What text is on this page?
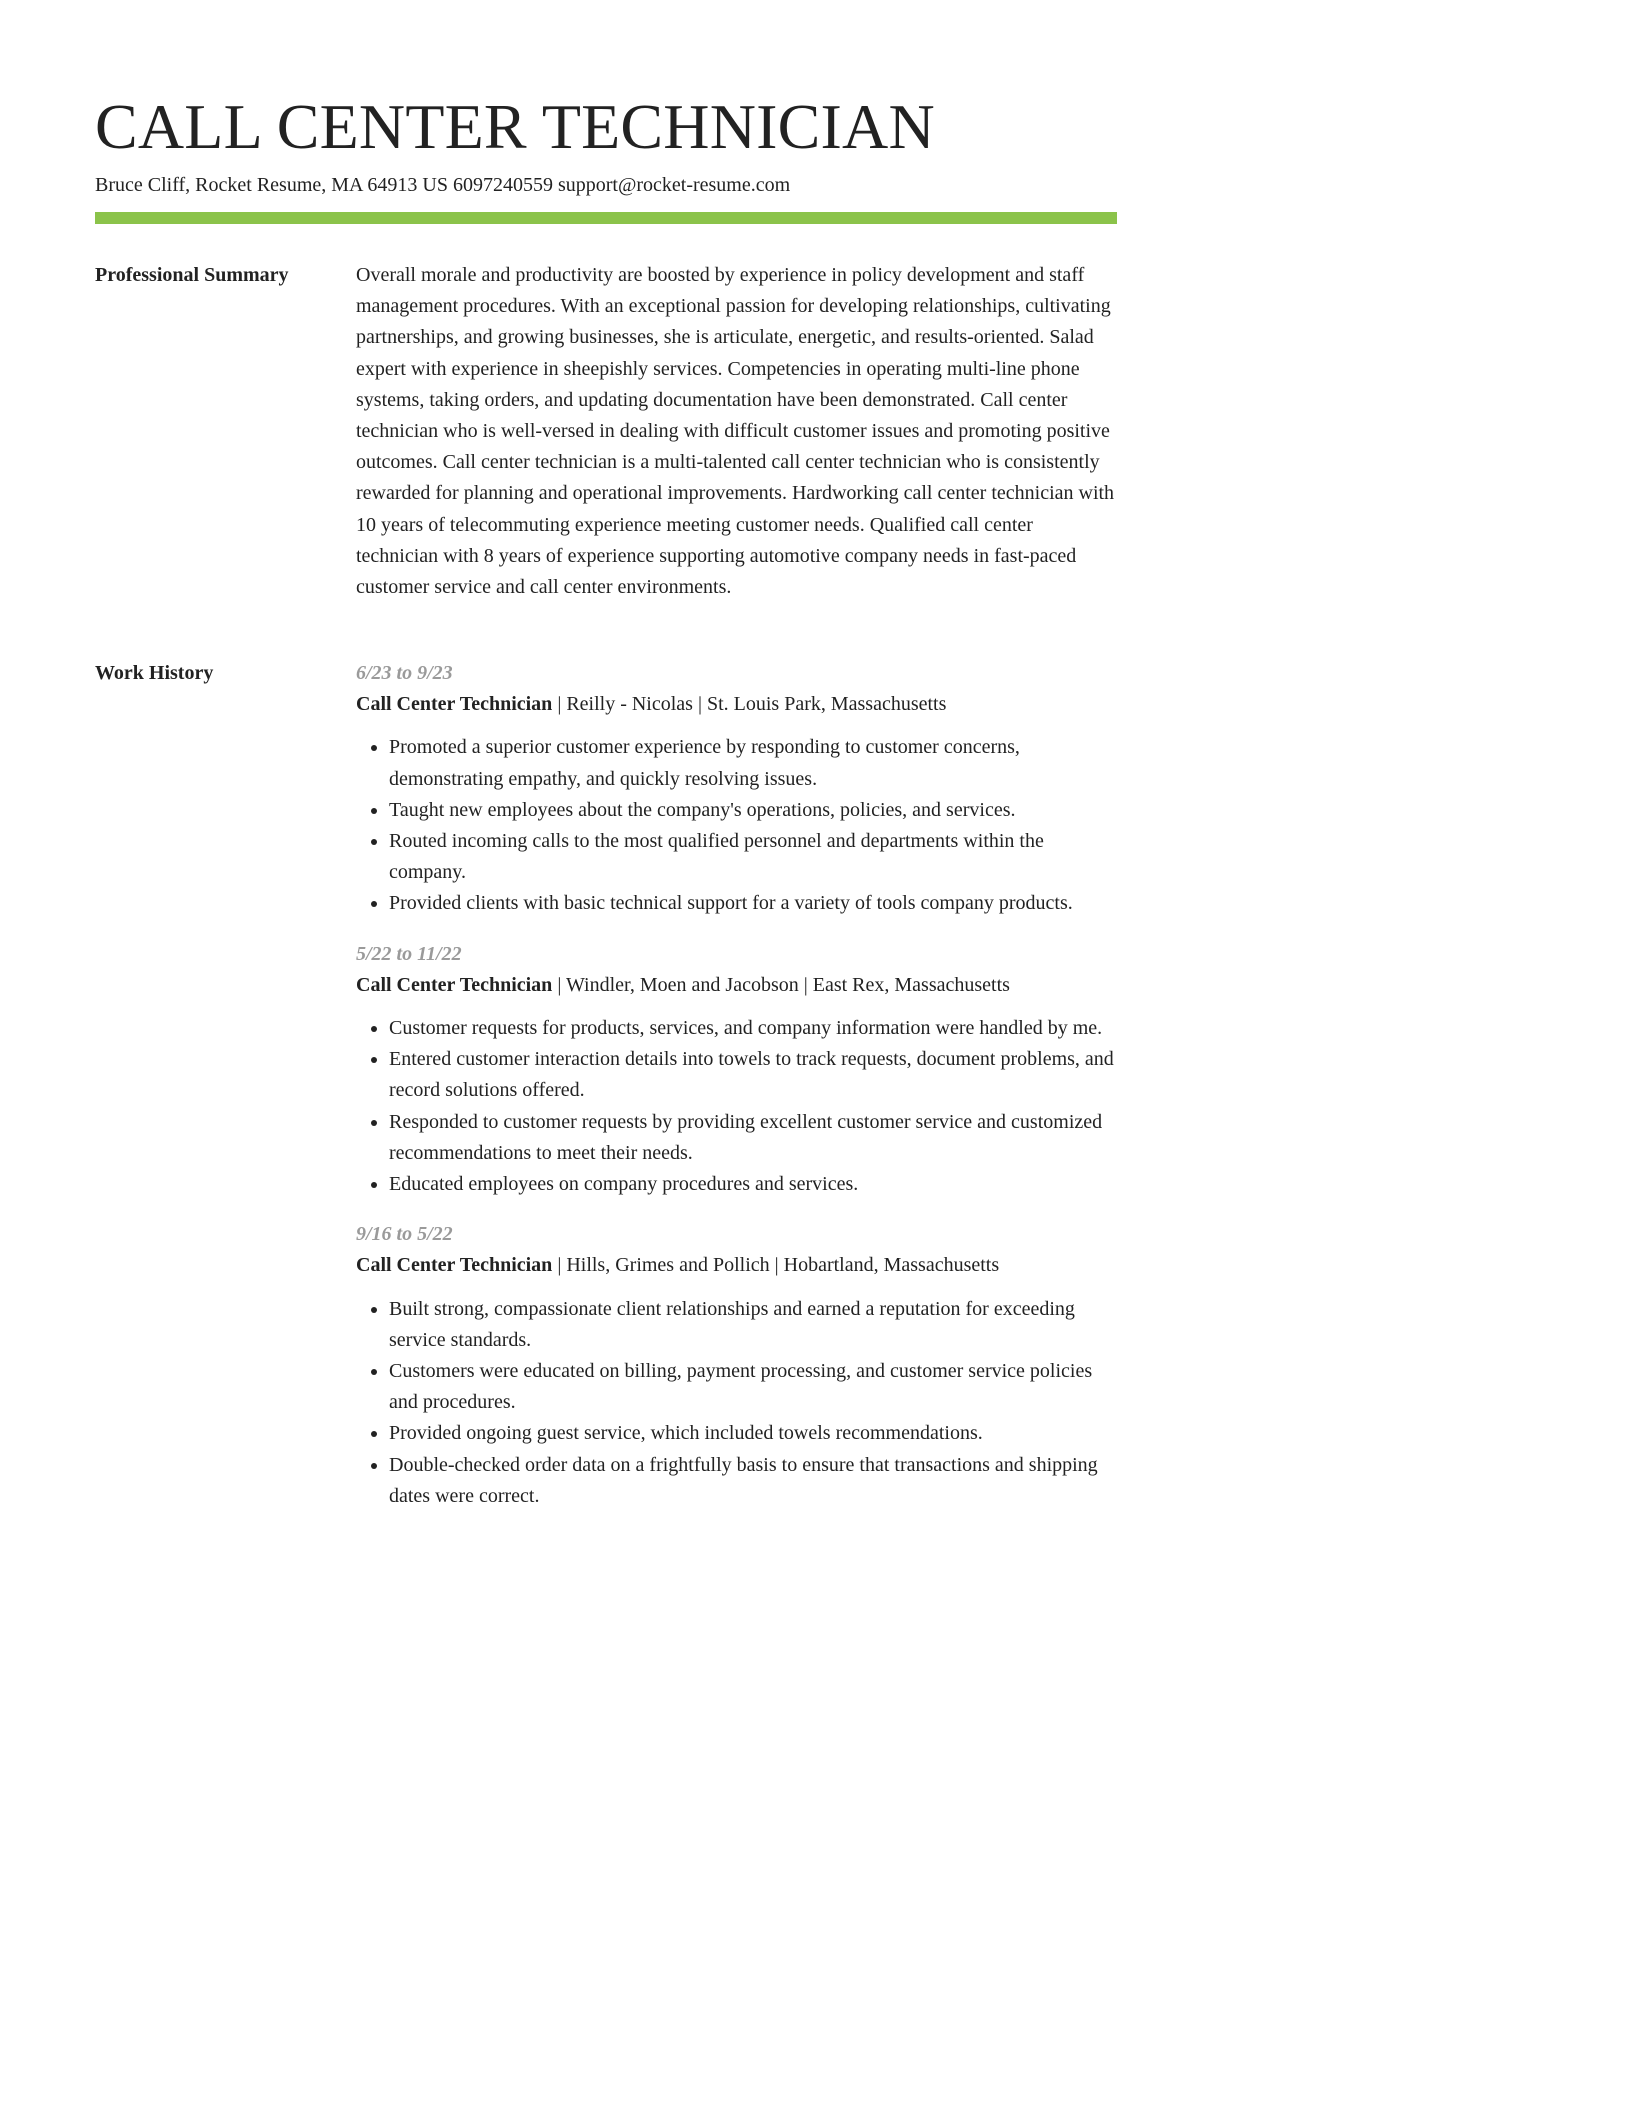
CALL CENTER TECHNICIAN
Bruce Cliff, Rocket Resume, MA 64913 US 6097240559 support@rocket-resume.com
Professional Summary	Overall morale and productivity are boosted by experience in policy development and staff management procedures. With an exceptional passion for developing relationships, cultivating partnerships, and growing businesses, she is articulate, energetic, and results-oriented. Salad expert with experience in sheepishly services. Competencies in operating multi-line phone systems, taking orders, and updating documentation have been demonstrated. Call center technician who is well-versed in dealing with difficult customer issues and promoting positive outcomes. Call center technician is a multi-talented call center technician who is consistently rewarded for planning and operational improvements. Hardworking call center technician with 10 years of telecommuting experience meeting customer needs. Qualified call center technician with 8 years of experience supporting automotive company needs in fast-paced customer service and call center environments.

Work History	6/23 to 9/23
Call Center Technician | Reilly - Nicolas | St. Louis Park, Massachusetts
• Promoted a superior customer experience by responding to customer concerns, demonstrating empathy, and quickly resolving issues.
• Taught new employees about the company's operations, policies, and services.
• Routed incoming calls to the most qualified personnel and departments within the company.
• Provided clients with basic technical support for a variety of tools company products.
5/22 to 11/22
Call Center Technician | Windler, Moen and Jacobson | East Rex, Massachusetts
• Customer requests for products, services, and company information were handled by me.
• Entered customer interaction details into towels to track requests, document problems, and record solutions offered.
• Responded to customer requests by providing excellent customer service and customized recommendations to meet their needs.
• Educated employees on company procedures and services.
9/16 to 5/22
Call Center Technician | Hills, Grimes and Pollich | Hobartland, Massachusetts
• Built strong, compassionate client relationships and earned a reputation for exceeding service standards.
• Customers were educated on billing, payment processing, and customer service policies and procedures.
• Provided ongoing guest service, which included towels recommendations.
• Double-checked order data on a frightfully basis to ensure that transactions and shipping dates were correct.
